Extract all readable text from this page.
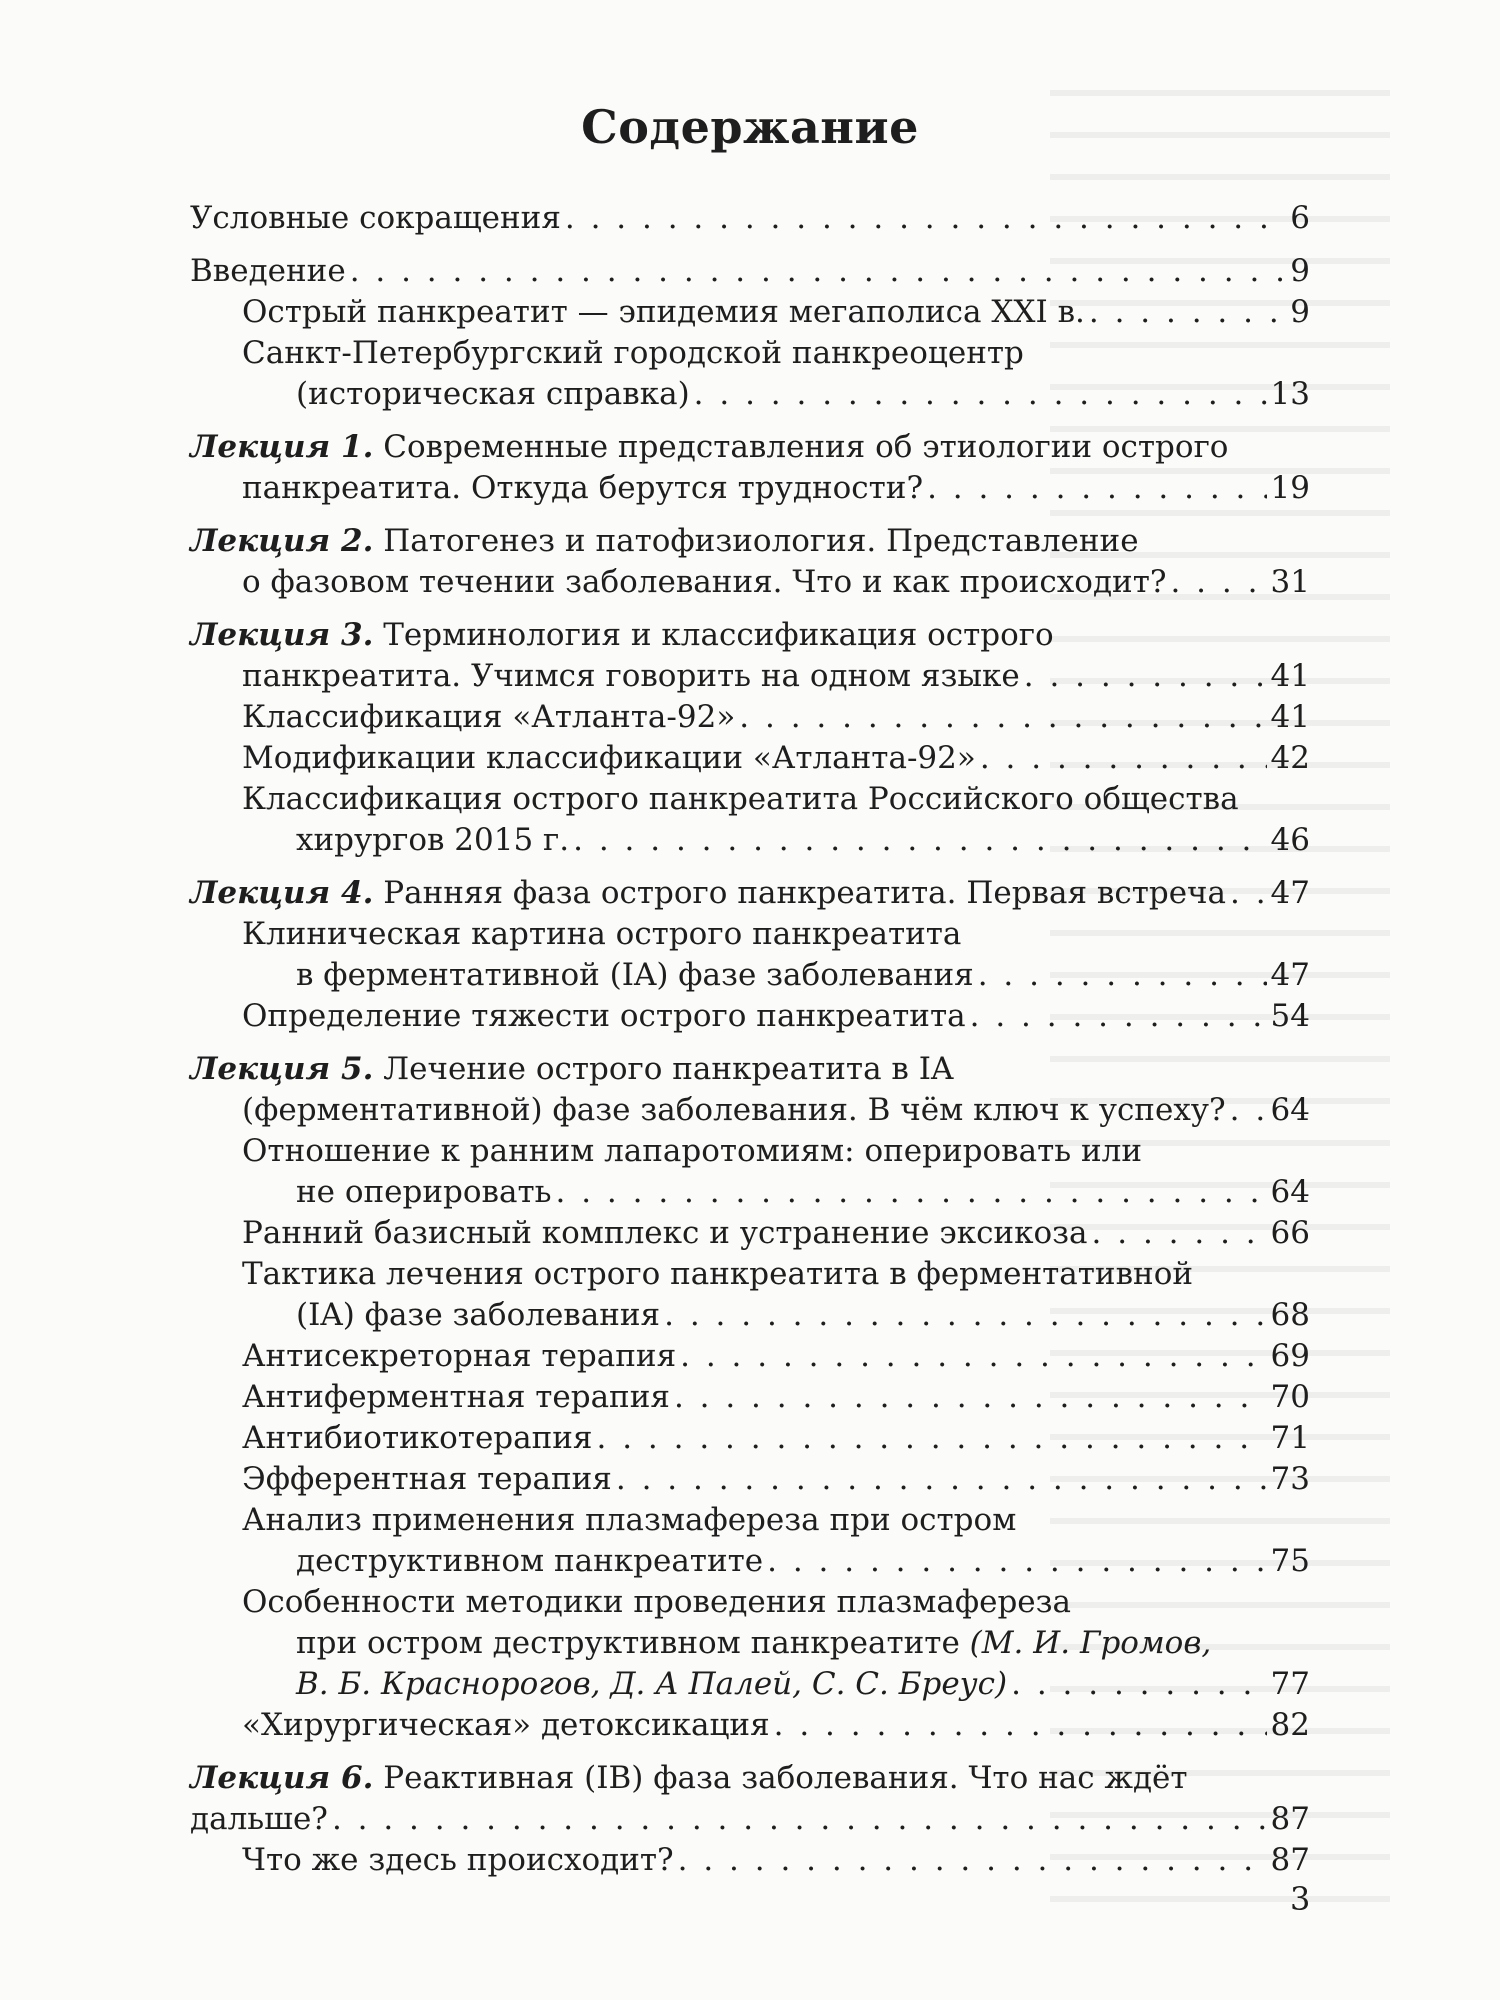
Содержание
Условные сокращения . . .	6
Введение . . .	9
Острый панкреатит — эпидемия мегаполиса XXI в. . . .	9
Санкт-Петербургский городской панкреоцентр
(историческая справка) . . .	13
Лекция 1. Современные представления об этиологии острого
панкреатита. Откуда берутся трудности? . . .	19
Лекция 2. Патогенез и патофизиология. Представление
о фазовом течении заболевания. Что и как происходит? . . .	31
Лекция 3. Терминология и классификация острого
панкреатита. Учимся говорить на одном языке . . .	41
Классификация «Атланта-92» . . .	41
Модификации классификации «Атланта-92» . . .	42
Классификация острого панкреатита Российского общества
хирургов 2015 г. . . .	46
Лекция 4. Ранняя фаза острого панкреатита. Первая встреча . . . 47
Клиническая картина острого панкреатита
в ферментативной (IA) фазе заболевания . . .	47
Определение тяжести острого панкреатита . . .	54
Лекция 5. Лечение острого панкреатита в IA
(ферментативной) фазе заболевания. В чём ключ к успеху? . . . 64
Отношение к ранним лапаротомиям: оперировать или
не оперировать . . .	64
Ранний базисный комплекс и устранение эксикоза . . .	66
Тактика лечения острого панкреатита в ферментативной
(IA) фазе заболевания . . .	68
Антисекреторная терапия . . .	69
Антиферментная терапия . . .	70
Антибиотикотерапия . . .	71
Эфферентная терапия . . .	73
Анализ применения плазмафереза при остром
деструктивном панкреатите . . .	75
Особенности методики проведения плазмафереза
при остром деструктивном панкреатите (М. И. Громов,
В. Б. Краснорогов, Д. А Палей, С. С. Бреус) . . .	77
«Хирургическая» детоксикация . . .	82
Лекция 6. Реактивная (IB) фаза заболевания. Что нас ждёт
дальше? . . .	87
Что же здесь происходит? . . .	87
3
